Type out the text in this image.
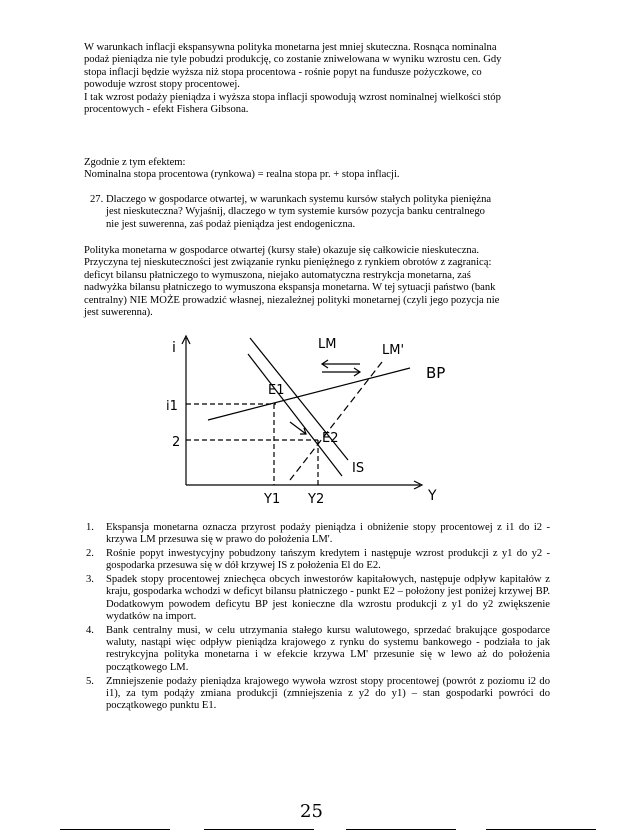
W warunkach inflacji ekspansywna polityka monetarna jest mniej skuteczna. Rosnąca nominalna
podaż pieniądza nie tyle pobudzi produkcję, co zostanie zniwelowana w wyniku wzrostu cen. Gdy
stopa inflacji będzie wyższa niż stopa procentowa - rośnie popyt na fundusze pożyczkowe, co
powoduje wzrost stopy procentowej.
I tak wzrost podaży pieniądza i wyższa stopa inflacji spowodują wzrost nominalnej wielkości stóp
procentowych - efekt Fishera Gibsona.
Zgodnie z tym efektem:
Nominalna stopa procentowa (rynkowa) = realna stopa pr. + stopa inflacji.
27. Dlaczego w gospodarce otwartej, w warunkach systemu kursów stałych polityka pieniężna
jest nieskuteczna? Wyjaśnij, dlaczego w tym systemie kursów pozycja banku centralnego
nie jest suwerenna, zaś podaż pieniądza jest endogeniczna.
Polityka monetarna w gospodarce otwartej (kursy stałe) okazuje się całkowicie nieskuteczna.
Przyczyna tej nieskuteczności jest związanie rynku pieniężnego z rynkiem obrotów z zagranicą:
deficyt bilansu płatniczego to wymuszona, niejako automatyczna restrykcja monetarna, zaś
nadwyżka bilansu płatniczego to wymuszona ekspansja monetarna. W tej sytuacji państwo (bank
centralny) NIE MOŻE prowadzić własnej, niezależnej polityki monetarnej (czyli jego pozycja nie
jest suwerenna).
i
Y
i1
2
Y1 Y2
LM	LM'
BP
IS
E1
E2
1. Ekspansja monetarna oznacza przyrost podaży pieniądza i obniżenie stopy procentowej z i1 do i2 - krzywa LM przesuwa się w prawo do położenia LM'.
2. Rośnie popyt inwestycyjny pobudzony tańszym kredytem i następuje wzrost produkcji z y1 do y2 - gospodarka przesuwa się w dół krzywej IS z położenia El do E2.
3. Spadek stopy procentowej zniechęca obcych inwestorów kapitałowych, następuje odpływ kapitałów z kraju, gospodarka wchodzi w deficyt bilansu płatniczego - punkt E2 – położony jest poniżej krzywej BP. Dodatkowym powodem deficytu BP jest konieczne dla wzrostu produkcji z y1 do y2 zwiększenie wydatków na import.
4. Bank centralny musi, w celu utrzymania stałego kursu walutowego, sprzedać brakujące gospodarce waluty, nastąpi więc odpływ pieniądza krajowego z rynku do systemu bankowego - podziała to jak restrykcyjna polityka monetarna i w efekcie krzywa LM' przesunie się w lewo aż do położenia początkowego LM.
5. Zmniejszenie podaży pieniądza krajowego wywoła wzrost stopy procentowej (powrót z poziomu i2 do i1), za tym podąży zmiana produkcji (zmniejszenia z y2 do y1) – stan gospodarki powróci do początkowego punktu E1.
25
